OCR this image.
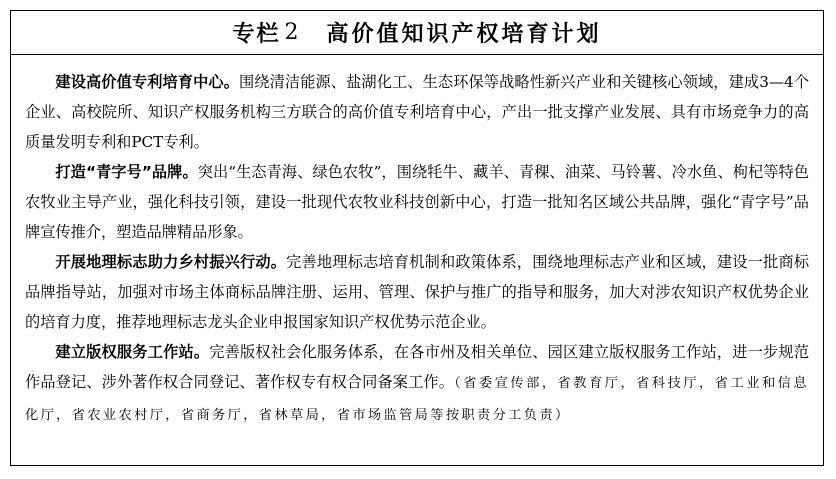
专栏 2 高价值知识产权培育计划

建设高价值专利培育中心。围绕清洁能源、盐湖化工、生态环保等战略性新兴产业和关键核心领域，建成3—4个企业、高校院所、知识产权服务机构三方联合的高价值专利培育中心，产出一批支撑产业发展、具有市场竞争力的高质量发明专利和PCT专利。

打造“青字号”品牌。突出“生态青海、绿色农牧”，围绕牦牛、藏羊、青稞、油菜、马铃薯、冷水鱼、枸杞等特色农牧业主导产业，强化科技引领，建设一批现代农牧业科技创新中心，打造一批知名区域公共品牌，强化“青字号”品牌宣传推介，塑造品牌精品形象。

开展地理标志助力乡村振兴行动。完善地理标志培育机制和政策体系，围绕地理标志产业和区域，建设一批商标品牌指导站，加强对市场主体商标品牌注册、运用、管理、保护与推广的指导和服务，加大对涉农知识产权优势企业的培育力度，推荐地理标志龙头企业申报国家知识产权优势示范企业。

建立版权服务工作站。完善版权社会化服务体系，在各市州及相关单位、园区建立版权服务工作站，进一步规范作品登记、涉外著作权合同登记、著作权专有权合同备案工作。（省委宣传部，省教育厅，省科技厅，省工业和信息化厅，省农业农村厅，省商务厅，省林草局，省市场监管局等按职责分工负责）
